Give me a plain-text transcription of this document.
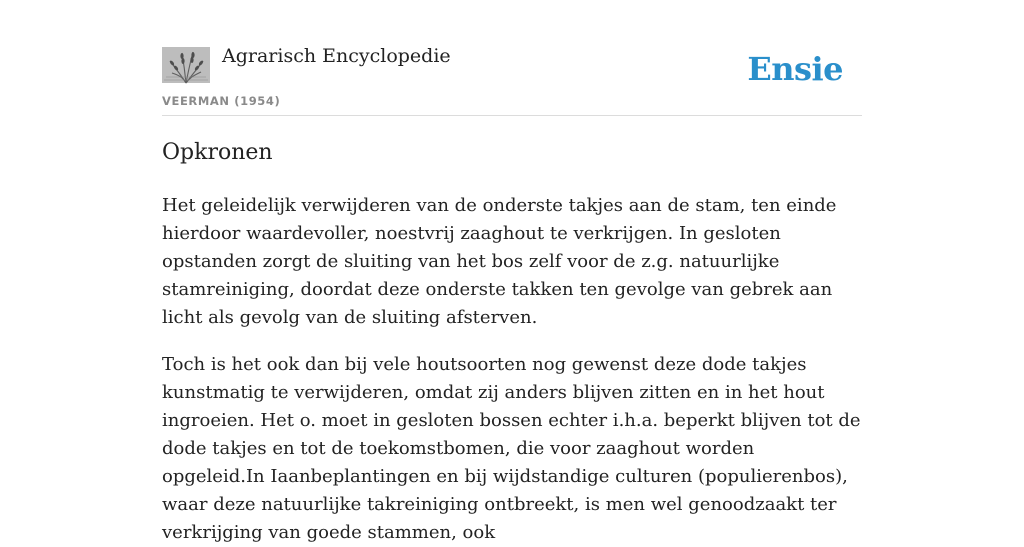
Agrarisch Encyclopedie
VEERMAN (1954)
Ensie
Opkronen

Het geleidelijk verwijderen van de onderste takjes aan de stam, ten einde hierdoor waardevoller, noestvrij zaaghout te verkrijgen. In gesloten opstanden zorgt de sluiting van het bos zelf voor de z.g. natuurlijke stamreiniging, doordat deze onderste takken ten gevolge van gebrek aan licht als gevolg van de sluiting afsterven.

Toch is het ook dan bij vele houtsoorten nog gewenst deze dode takjes kunstmatig te verwijderen, omdat zij anders blijven zitten en in het hout ingroeien. Het o. moet in gesloten bossen echter i.h.a. beperkt blijven tot de dode takjes en tot de toekomstbomen, die voor zaaghout worden opgeleid.In Iaanbeplantingen en bij wijdstandige culturen (populierenbos), waar deze natuurlijke takreiniging ontbreekt, is men wel genoodzaakt ter verkrijging van goede stammen, ook
